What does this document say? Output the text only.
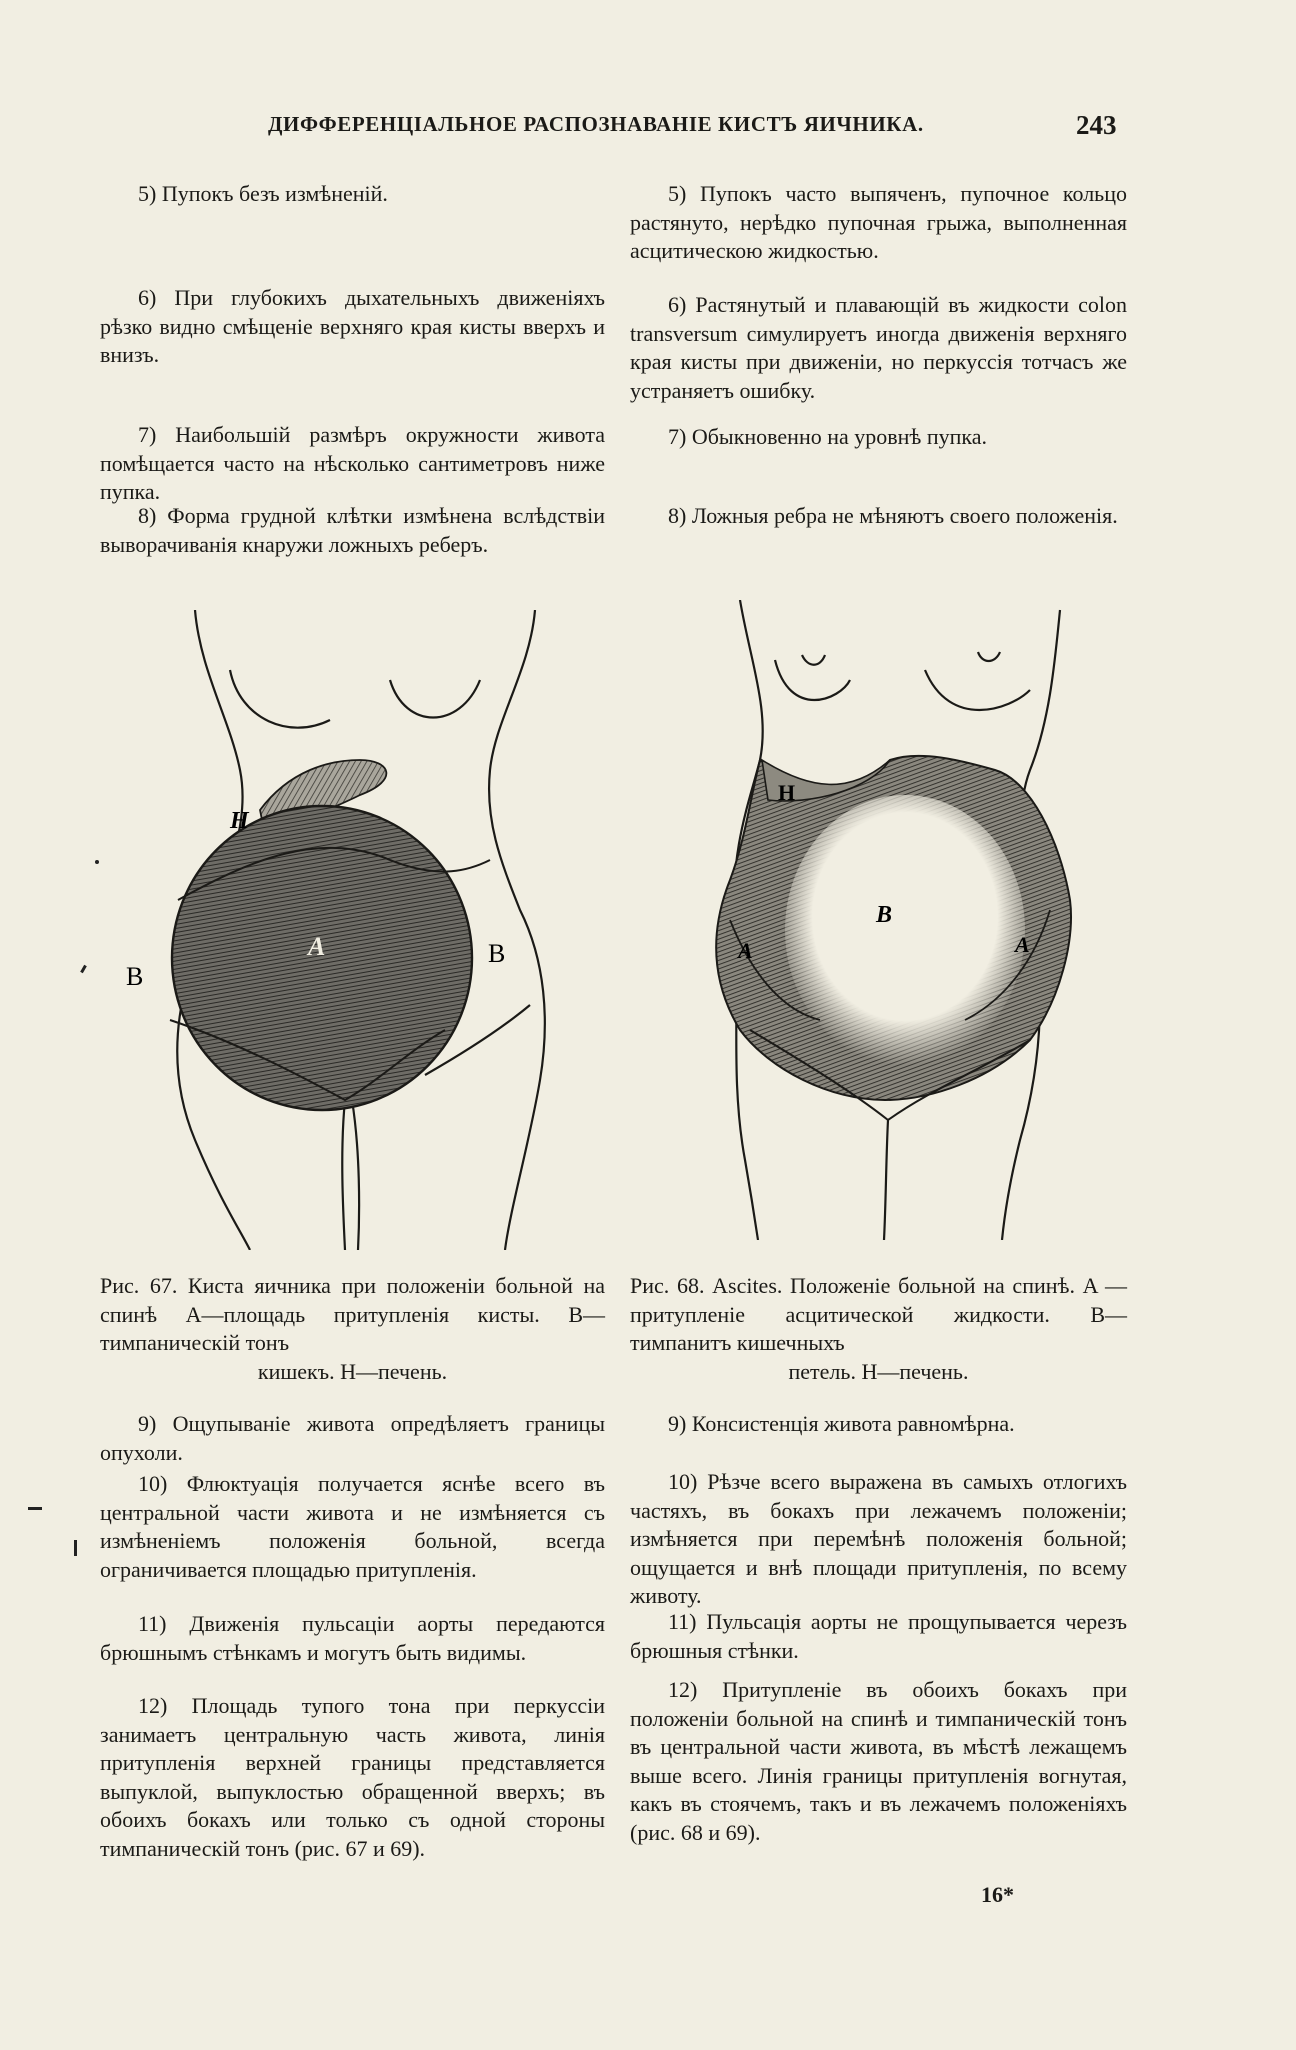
ДИФФЕРЕНЦІАЛЬНОЕ РАСПОЗНАВАНІЕ КИСТЪ ЯИЧНИКА.	243

5) Пупокъ безъ измѣненій.

6) При глубокихъ дыхательныхъ движеніяхъ рѣзко видно смѣщеніе верхняго края кисты вверхъ и внизъ.

7) Наибольшій размѣръ окружности живота помѣщается часто на нѣсколько сантиметровъ ниже пупка.

8) Форма грудной клѣтки измѣнена вслѣдствіи выворачиванія кнаружи ложныхъ реберъ.

Рис. 67. Киста яичника при положеніи больной на спинѣ A—площадь притупленія кисты. B—тимпаническій тонъ
кишекъ. H—печень.

9) Ощупываніе живота опредѣляетъ границы опухоли.

10) Флюктуація получается яснѣе всего въ центральной части живота и не измѣняется съ измѣненіемъ положенія больной, всегда ограничивается площадью притупленія.

11) Движенія пульсаціи аорты передаются брюшнымъ стѣнкамъ и могутъ быть видимы.

12) Площадь тупого тона при перкуссіи занимаетъ центральную часть живота, линія притупленія верхней границы представляется выпуклой, выпуклостью обращенной вверхъ; въ обоихъ бокахъ или только съ одной стороны тимпаническій тонъ (рис. 67 и 69).

5) Пупокъ часто выпяченъ, пупочное кольцо растянуто, нерѣдко пупочная грыжа, выполненная асцитическою жидкостью.

6) Растянутый и плавающій въ жидкости colon transversum симулируетъ иногда движенія верхняго края кисты при движеніи, но перкуссія тотчасъ же устраняетъ ошибку.

7) Обыкновенно на уровнѣ пупка.

8) Ложныя ребра не мѣняютъ своего положенія.

Рис. 68. Ascites. Положеніе больной на спинѣ. A — притупленіе асцитической жидкости. B— тимпанитъ кишечныхъ
петель. H—печень.

9) Консистенція живота равномѣрна.

10) Рѣзче всего выражена въ самыхъ отлогихъ частяхъ, въ бокахъ при лежачемъ положеніи; измѣняется при перемѣнѣ положенія больной; ощущается и внѣ площади притупленія, по всему животу.

11) Пульсація аорты не прощупывается черезъ брюшныя стѣнки.

12) Притупленіе въ обоихъ бокахъ при положеніи больной на спинѣ и тимпаническій тонъ въ центральной части живота, въ мѣстѣ лежащемъ выше всего. Линія границы притупленія вогнутая, какъ въ стоячемъ, такъ и въ лежачемъ положеніяхъ (рис. 68 и 69).

H
A
B
B
H
B
A	A
16*
